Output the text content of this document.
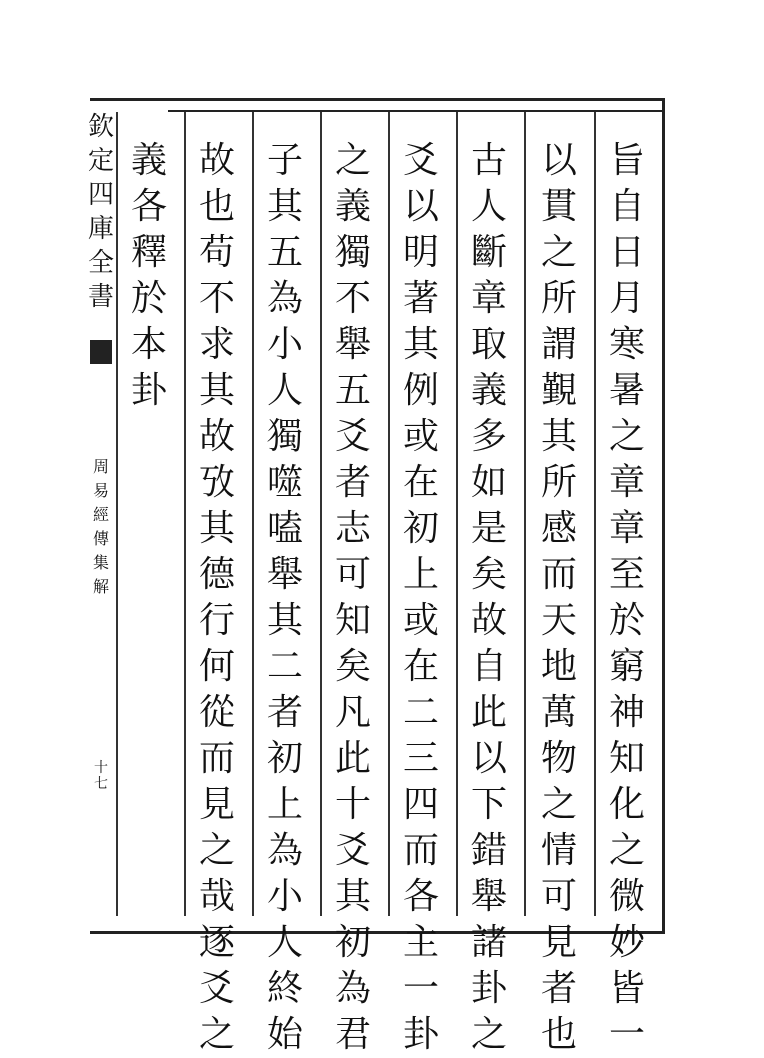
欽
定
四
庫
全
書
周
易
經
傳
集
解
十
七
旨
自
日
月
寒
暑
之
章
章
至
於
窮
神
知
化
之
微
妙
皆
一
以
貫
之
所
謂
覲
其
所
感
而
天
地
萬
物
之
情
可
見
者
也
古
人
斷
章
取
義
多
如
是
矣
故
自
此
以
下
錯
舉
諸
卦
之
爻
以
明
著
其
例
或
在
初
上
或
在
二
三
四
而
各
主
一
卦
之
義
獨
不
舉
五
爻
者
志
可
知
矣
凡
此
十
爻
其
初
為
君
子
其
五
為
小
人
獨
噬
嗑
舉
其
二
者
初
上
為
小
人
終
始
故
也
苟
不
求
其
故
攷
其
德
行
何
從
而
見
之
哉
逐
爻
之
義
各
釋
於
本
卦
